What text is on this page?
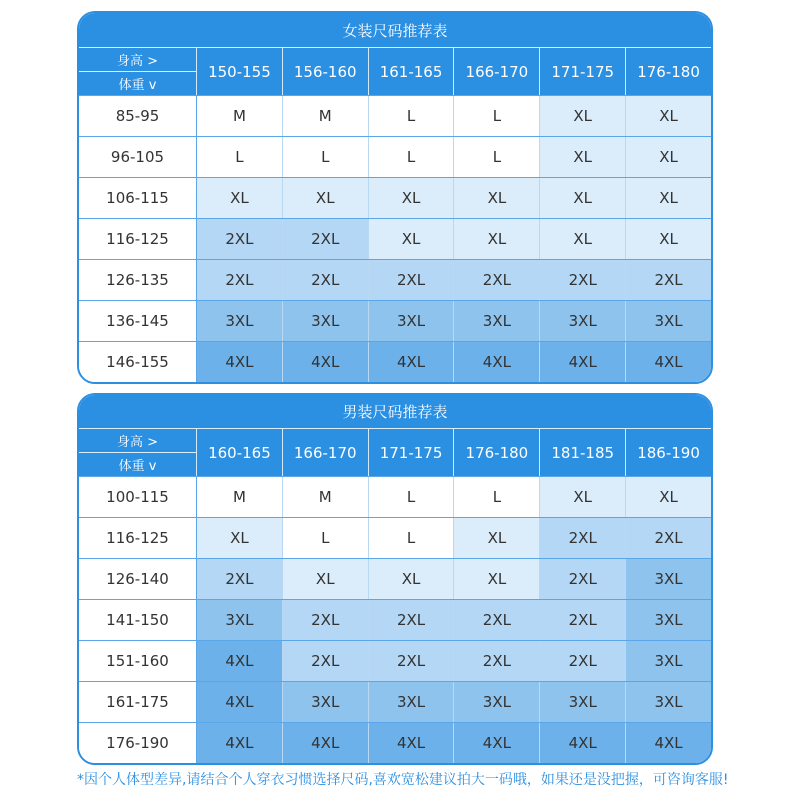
女装尺码推荐表
身高 >
体重 v
150-155	156-160	161-165	166-170	171-175	176-180
85-95	M	M	L	L	XL	XL
96-105	L	L	L	L	XL	XL
106-115	XL	XL	XL	XL	XL	XL
116-125	2XL	2XL	XL	XL	XL	XL
126-135	2XL	2XL	2XL	2XL	2XL	2XL
136-145	3XL	3XL	3XL	3XL	3XL	3XL
146-155	4XL	4XL	4XL	4XL	4XL	4XL
男装尺码推荐表
身高 >
体重 v
160-165	166-170	171-175	176-180	181-185	186-190
100-115	M	M	L	L	XL	XL
116-125	XL	L	L	XL	2XL	2XL
126-140	2XL	XL	XL	XL	2XL	3XL
141-150	3XL	2XL	2XL	2XL	2XL	3XL
151-160	4XL	2XL	2XL	2XL	2XL	3XL
161-175	4XL	3XL	3XL	3XL	3XL	3XL
176-190	4XL	4XL	4XL	4XL	4XL	4XL
*因个人体型差异,请结合个人穿衣习惯选择尺码,喜欢宽松建议拍大一码哦，如果还是没把握，可咨询客服!
